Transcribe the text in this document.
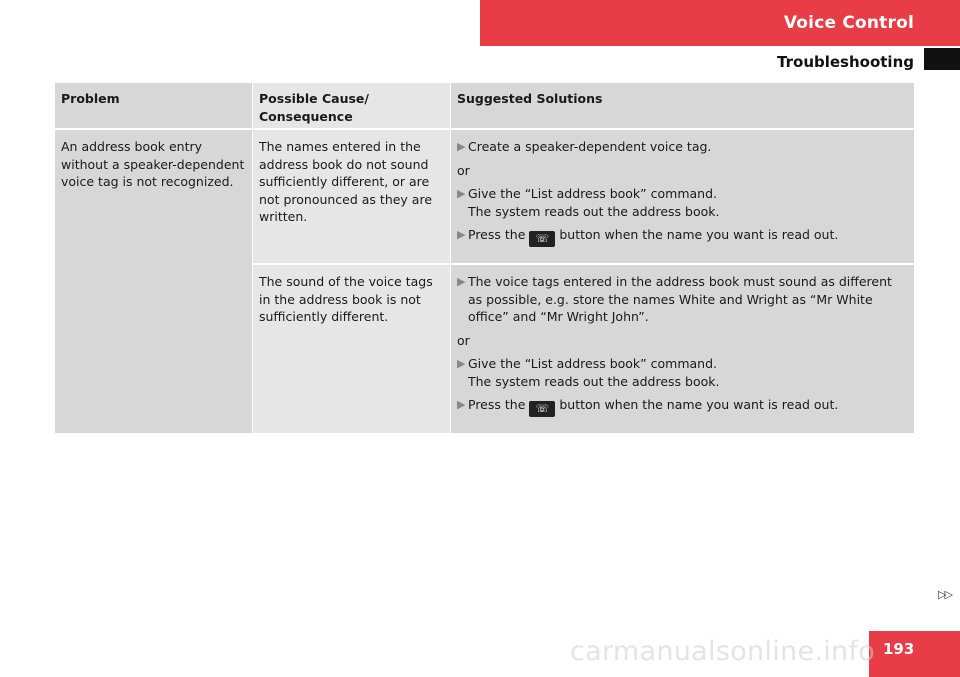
Voice Control
Troubleshooting
Problem	Possible Cause/
Consequence
Suggested Solutions
An address book entry without a speaker-dependent voice tag is not recognized.
The names entered in the address book do not sound sufficiently different, or are not pronounced as they are written.
▶ Create a speaker-dependent voice tag.
or
▶ Give the “List address book” command.
The system reads out the address book.
▶ Press the ☏ button when the name you want is read out.
The sound of the voice tags in the address book is not sufficiently different.
▶ The voice tags entered in the address book must sound as different as possible, e.g. store the names White and Wright as “Mr White office” and “Mr Wright John”.
or
▶ Give the “List address book” command.
The system reads out the address book.
▶ Press the ☏ button when the name you want is read out.
▷▷
193
carmanualsonline.info
